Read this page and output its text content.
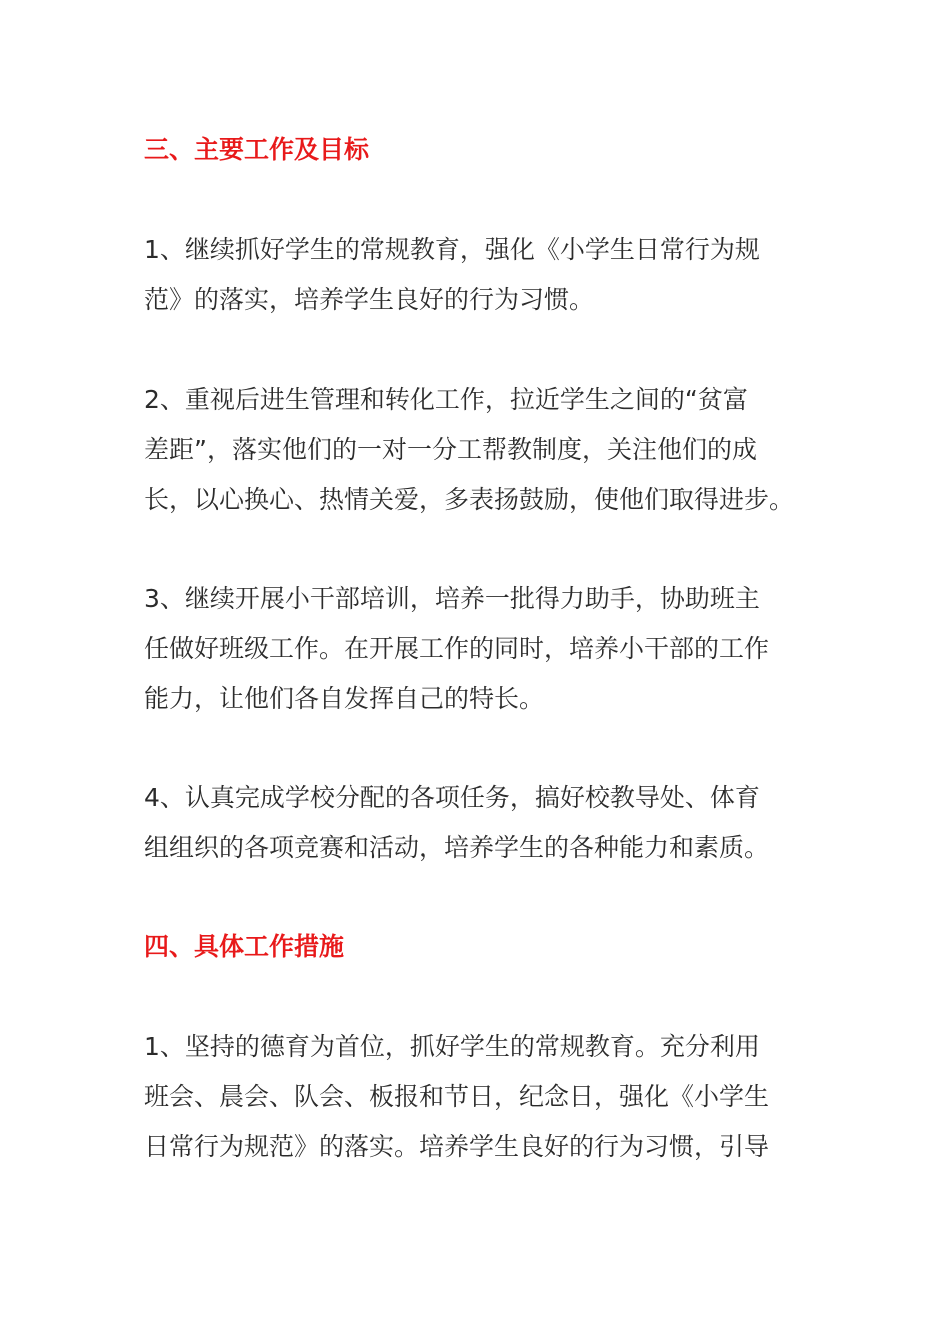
三、主要工作及目标

1、继续抓好学生的常规教育，强化《小学生日常行为规

范》的落实，培养学生良好的行为习惯。

2、重视后进生管理和转化工作，拉近学生之间的“贫富

差距”，落实他们的一对一分工帮教制度，关注他们的成

长，以心换心、热情关爱，多表扬鼓励，使他们取得进步。

3、继续开展小干部培训，培养一批得力助手，协助班主

任做好班级工作。在开展工作的同时，培养小干部的工作

能力，让他们各自发挥自己的特长。

4、认真完成学校分配的各项任务，搞好校教导处、体育

组组织的各项竞赛和活动，培养学生的各种能力和素质。

四、具体工作措施

1、坚持的德育为首位，抓好学生的常规教育。充分利用

班会、晨会、队会、板报和节日，纪念日，强化《小学生

日常行为规范》的落实。培养学生良好的行为习惯，引导
